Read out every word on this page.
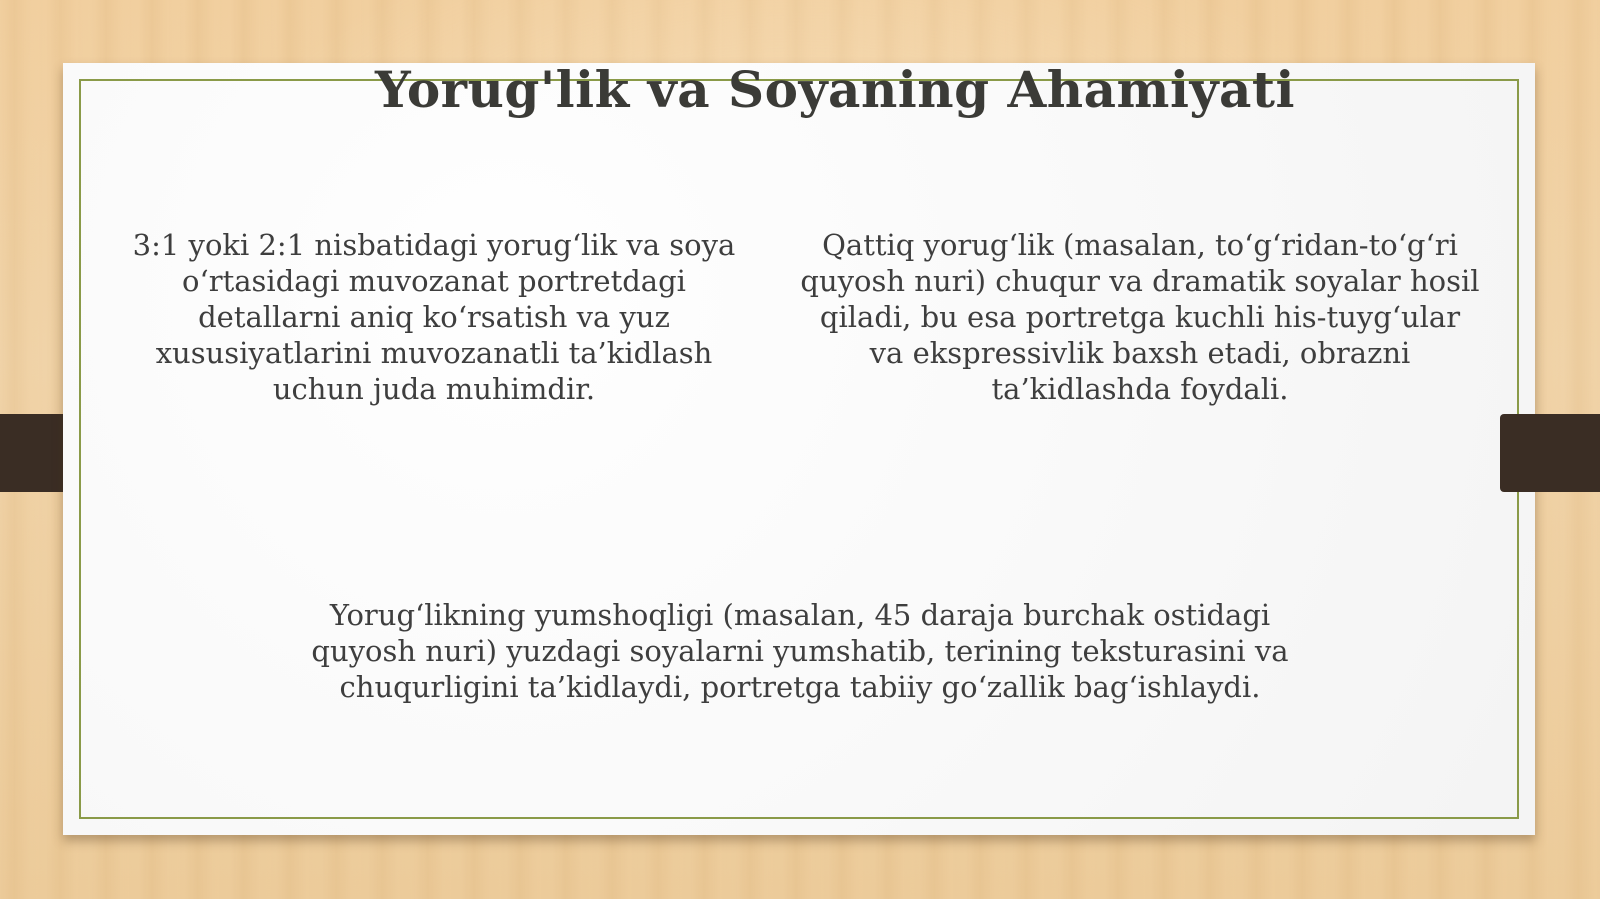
Yorug'lik va Soyaning Ahamiyati

3:1 yoki 2:1 nisbatidagi yorug‘lik va soya o‘rtasidagi muvozanat portretdagi detallarni aniq ko‘rsatish va yuz xususiyatlarini muvozanatli ta’kidlash uchun juda muhimdir.

Qattiq yorug‘lik (masalan, to‘g‘ridan-to‘g‘ri quyosh nuri) chuqur va dramatik soyalar hosil qiladi, bu esa portretga kuchli his-tuyg‘ular va ekspressivlik baxsh etadi, obrazni ta’kidlashda foydali.

Yorug‘likning yumshoqligi (masalan, 45 daraja burchak ostidagi quyosh nuri) yuzdagi soyalarni yumshatib, terining teksturasini va chuqurligini ta’kidlaydi, portretga tabiiy go‘zallik bag‘ishlaydi.
